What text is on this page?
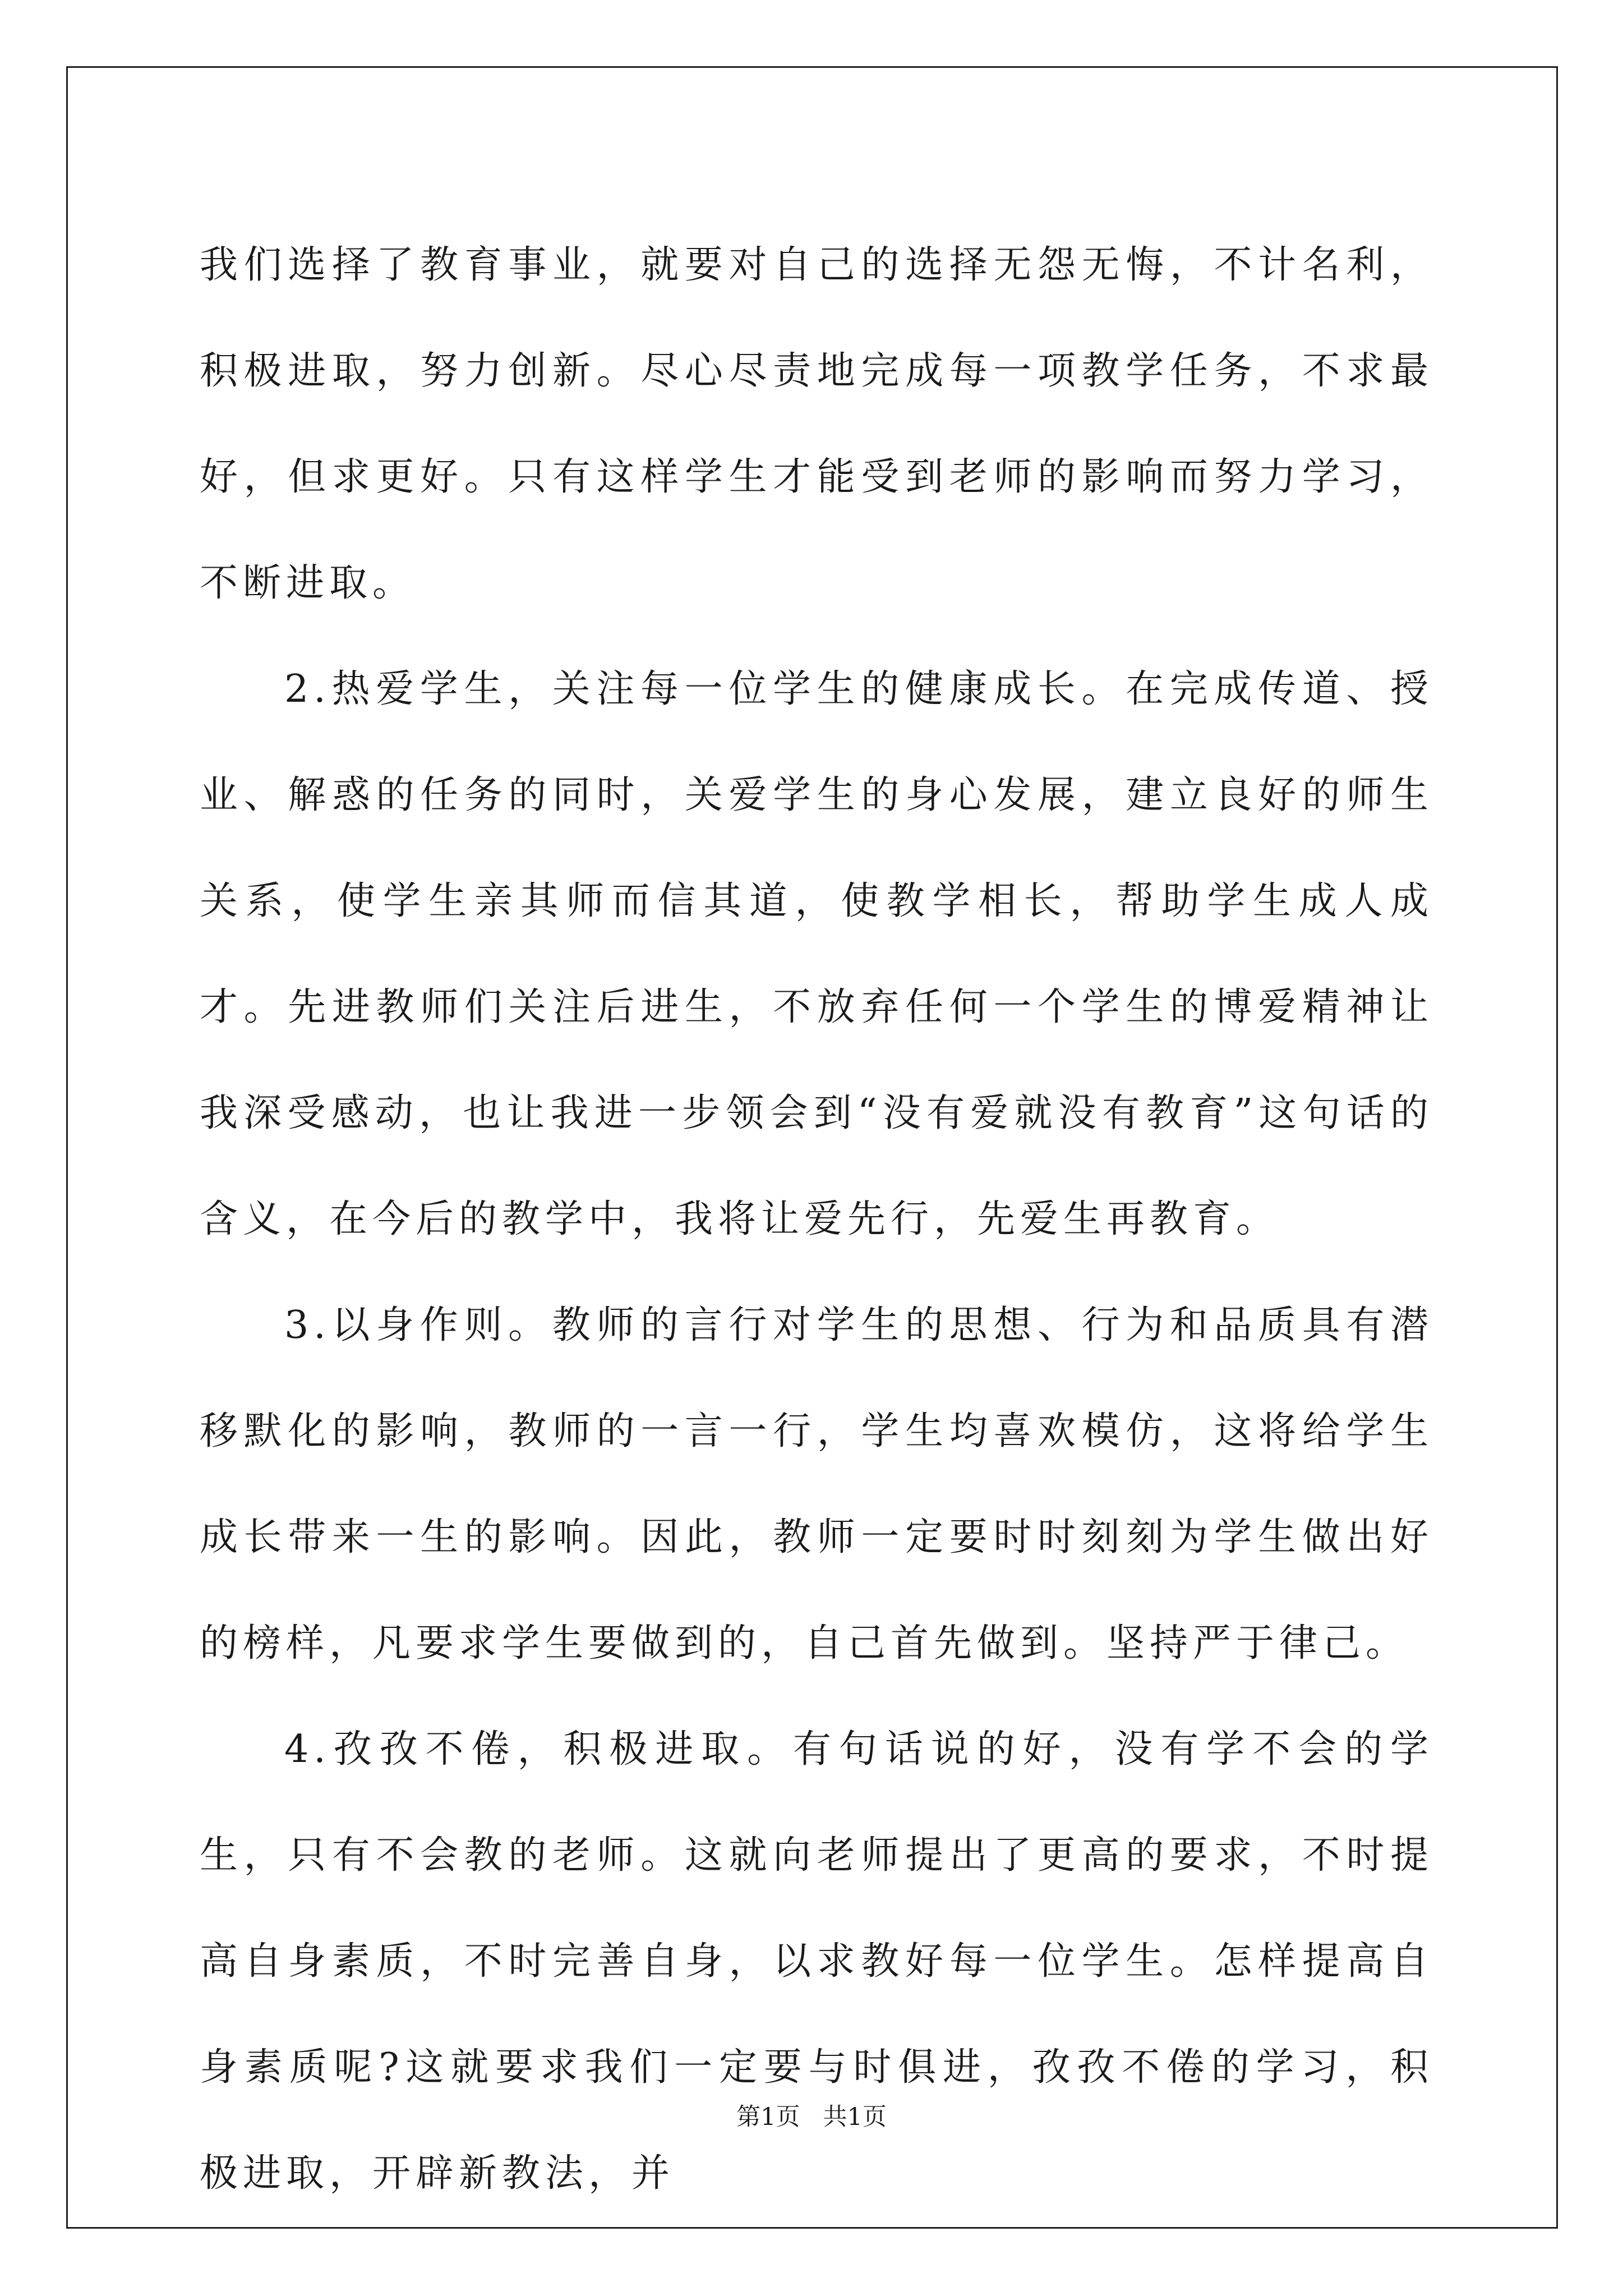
我们选择了教育事业，就要对自己的选择无怨无悔，不计名利，积极进取，努力创新。尽心尽责地完成每一项教学任务，不求最好，但求更好。只有这样学生才能受到老师的影响而努力学习，不断进取。

2.热爱学生，关注每一位学生的健康成长。在完成传道、授业、解惑的任务的同时，关爱学生的身心发展，建立良好的师生关系，使学生亲其师而信其道，使教学相长，帮助学生成人成才。先进教师们关注后进生，不放弃任何一个学生的博爱精神让我深受感动，也让我进一步领会到“没有爱就没有教育”这句话的含义，在今后的教学中，我将让爱先行，先爱生再教育。

3.以身作则。教师的言行对学生的思想、行为和品质具有潜移默化的影响，教师的一言一行，学生均喜欢模仿，这将给学生成长带来一生的影响。因此，教师一定要时时刻刻为学生做出好的榜样，凡要求学生要做到的，自己首先做到。坚持严于律己。

4.孜孜不倦，积极进取。有句话说的好，没有学不会的学生，只有不会教的老师。这就向老师提出了更高的要求，不时提高自身素质，不时完善自身，以求教好每一位学生。怎样提高自身素质呢?这就要求我们一定要与时俱进，孜孜不倦的学习，积极进取，开辟新教法，并

第1页   共1页
